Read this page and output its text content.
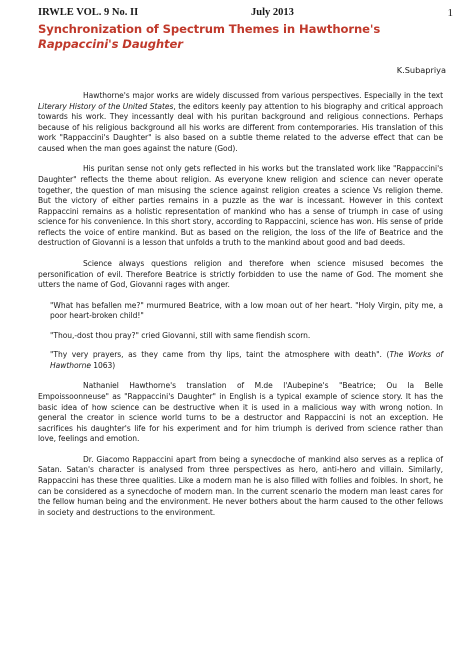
IRWLE VOL. 9 No. II	July 2013	1
Synchronization of Spectrum Themes in Hawthorne's Rappaccini's Daughter
K.Subapriya

Hawthorne's major works are widely discussed from various perspectives. Especially in the text Literary History of the United States, the editors keenly pay attention to his biography and critical approach towards his work. They incessantly deal with his puritan background and religious connections. Perhaps because of his religious background all his works are different from contemporaries. His translation of this work "Rappaccini's Daughter" is also based on a subtle theme related to the adverse effect that can be caused when the man goes against the nature (God).

His puritan sense not only gets reflected in his works but the translated work like "Rappaccini's Daughter" reflects the theme about religion. As everyone knew religion and science can never operate together, the question of man misusing the science against religion creates a science Vs religion theme. But the victory of either parties remains in a puzzle as the war is incessant. However in this context Rappaccini remains as a holistic representation of mankind who has a sense of triumph in case of using science for his convenience. In this short story, according to Rappaccini, science has won. His sense of pride reflects the voice of entire mankind. But as based on the religion, the loss of the life of Beatrice and the destruction of Giovanni is a lesson that unfolds a truth to the mankind about good and bad deeds.

Science always questions religion and therefore when science misused becomes the personification of evil. Therefore Beatrice is strictly forbidden to use the name of God. The moment she utters the name of God, Giovanni rages with anger.

"What has befallen me?" murmured Beatrice, with a low moan out of her heart. "Holy Virgin, pity me, a poor heart-broken child!"

"Thou,-dost thou pray?" cried Giovanni, still with same fiendish scorn.

"Thy very prayers, as they came from thy lips, taint the atmosphere with death". (The Works of Hawthorne 1063)

Nathaniel Hawthorne's translation of M.de l'Aubepine's "Beatrice; Ou la Belle Empoissoonneuse" as "Rappaccini's Daughter" in English is a typical example of science story. It has the basic idea of how science can be destructive when it is used in a malicious way with wrong notion. In general the creator in science world turns to be a destructor and Rappaccini is not an exception. He sacrifices his daughter's life for his experiment and for him triumph is derived from science rather than love, feelings and emotion.

Dr. Giacomo Rappaccini apart from being a synecdoche of mankind also serves as a replica of Satan. Satan's character is analysed from three perspectives as hero, anti-hero and villain. Similarly, Rappaccini has these three qualities. Like a modern man he is also filled with follies and foibles. In short, he can be considered as a synecdoche of modern man. In the current scenario the modern man least cares for the fellow human being and the environment. He never bothers about the harm caused to the other fellows in society and destructions to the environment.
